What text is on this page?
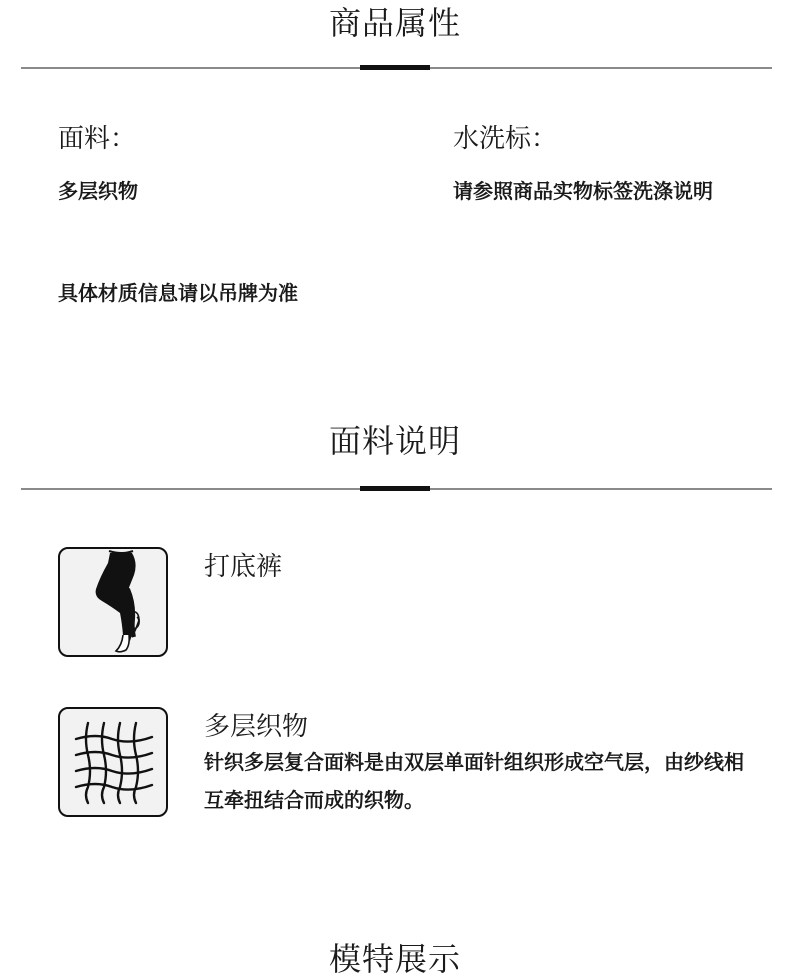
商品属性
面料：	水洗标：
多层织物	请参照商品实物标签洗涤说明
具体材质信息请以吊牌为准
面料说明
打底裤
多层织物
针织多层复合面料是由双层单面针组织形成空气层，由纱线相互牵扭结合而成的织物。
模特展示
